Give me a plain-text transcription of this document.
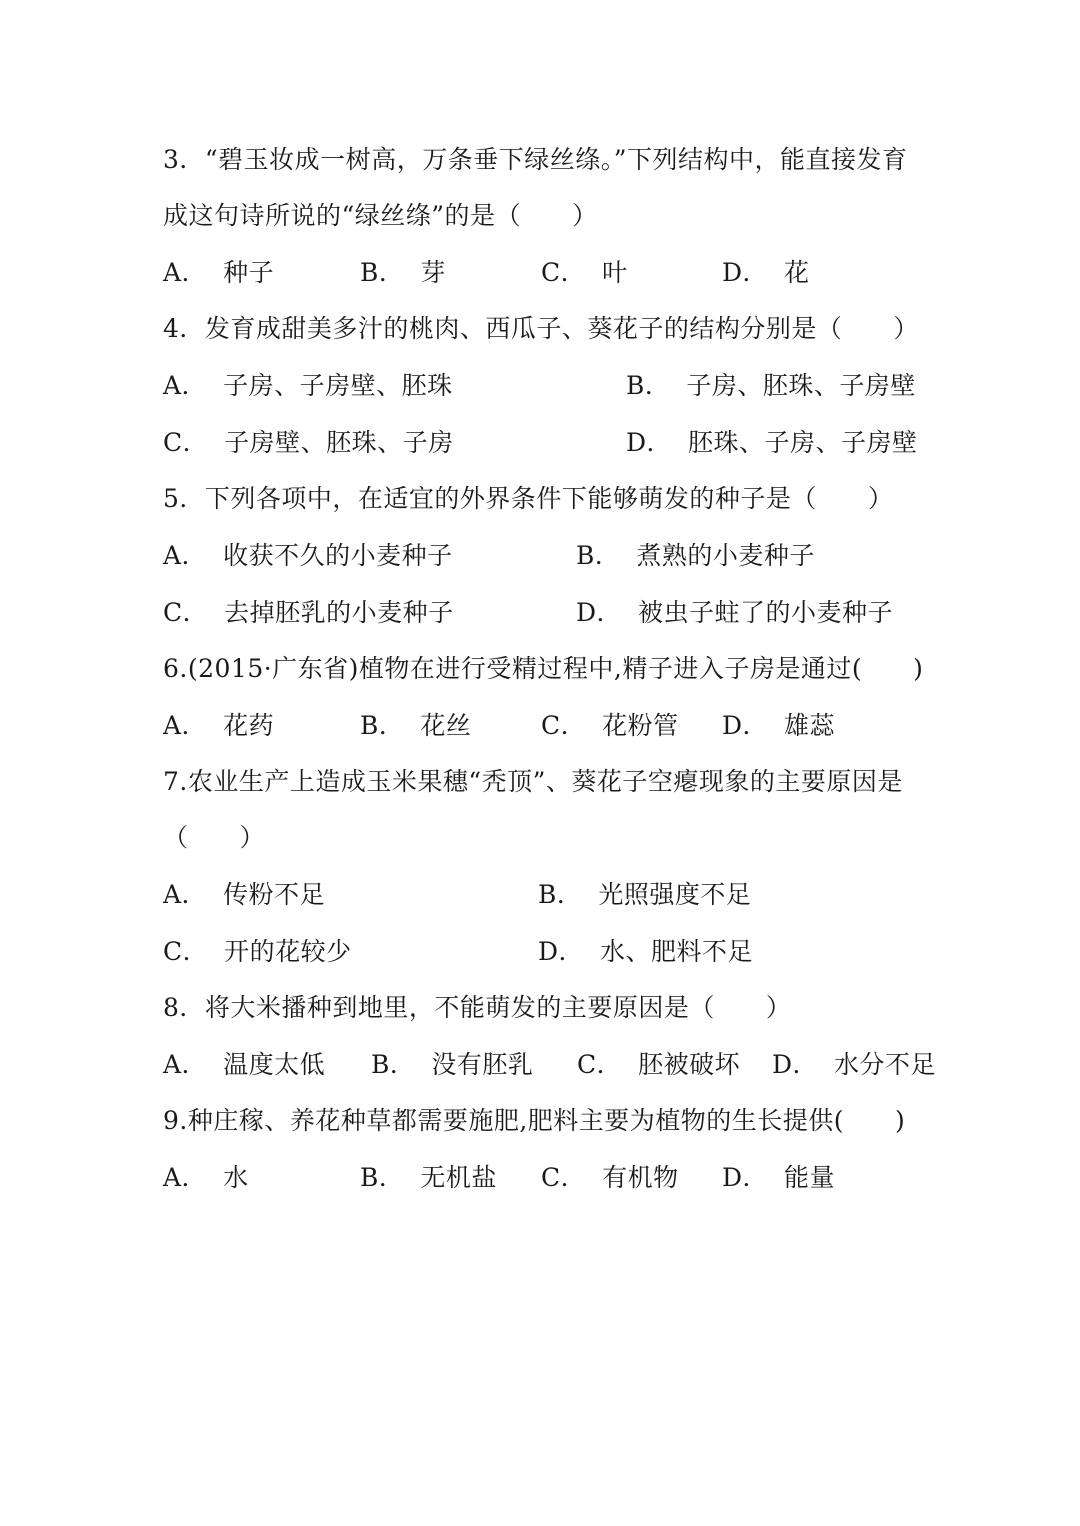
3．“碧玉妆成一树高，万条垂下绿丝绦。”下列结构中，能直接发育
成这句诗所说的“绿丝绦”的是（　　）
A． 种子	B． 芽	C． 叶	D． 花
4．发育成甜美多汁的桃肉、西瓜子、葵花子的结构分别是（　　）
A． 子房、子房壁、胚珠	B． 子房、胚珠、子房壁
C． 子房壁、胚珠、子房	D． 胚珠、子房、子房壁
5．下列各项中，在适宜的外界条件下能够萌发的种子是（　　）
A． 收获不久的小麦种子	B． 煮熟的小麦种子
C． 去掉胚乳的小麦种子	D． 被虫子蛀了的小麦种子
6.(2015·广东省)植物在进行受精过程中,精子进入子房是通过(　　)
A． 花药	B． 花丝	C． 花粉管 D． 雄蕊
7.农业生产上造成玉米果穗“秃顶”、葵花子空瘪现象的主要原因是
（　　）
A． 传粉不足	B． 光照强度不足
C． 开的花较少	D． 水、肥料不足
8．将大米播种到地里，不能萌发的主要原因是（　　）
A． 温度太低 B． 没有胚乳 C． 胚被破坏 D． 水分不足
9.种庄稼、养花种草都需要施肥,肥料主要为植物的生长提供(　　)
A． 水	B． 无机盐 C． 有机物 D． 能量
